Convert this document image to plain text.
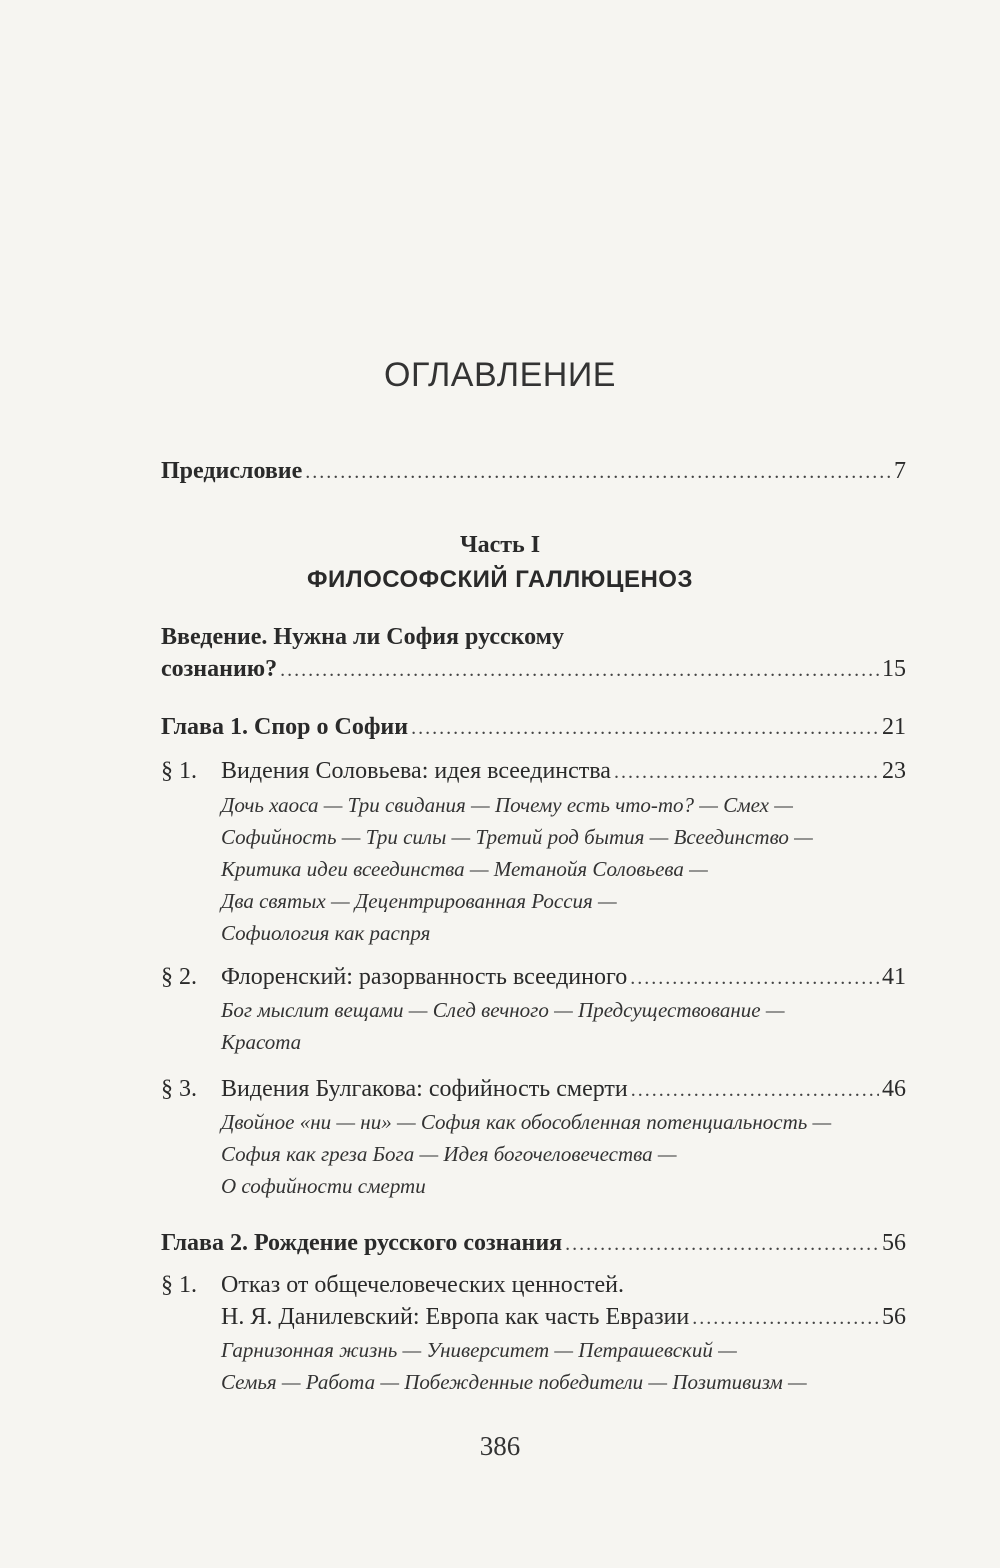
ОГЛАВЛЕНИЕ
Предисловие .....	7
Часть I
ФИЛОСОФСКИЙ ГАЛЛЮЦЕНОЗ
Введение. Нужна ли София русскому
сознанию? .....	15
Глава 1. Спор о Софии .....	21
§ 1. Видения Соловьева: идея всеединства .....	23
Дочь хаоса — Три свидания — Почему есть что-то? — Смех —
Софийность — Три силы — Третий род бытия — Всеединство —
Критика идеи всеединства — Метанойя Соловьева —
Два святых — Децентрированная Россия —
Софиология как распря
§ 2. Флоренский: разорванность всеединого .....	41
Бог мыслит вещами — След вечного — Предсуществование —
Красота
§ 3. Видения Булгакова: софийность смерти .....	46
Двойное «ни — ни» — София как обособленная потенциальность —
София как греза Бога — Идея богочеловечества —
О софийности смерти
Глава 2. Рождение русского сознания .....	56
§ 1. Отказ от общечеловеческих ценностей.
Н. Я. Данилевский: Европа как часть Евразии .....	56
Гарнизонная жизнь — Университет — Петрашевский —
Семья — Работа — Побежденные победители — Позитивизм —
386
